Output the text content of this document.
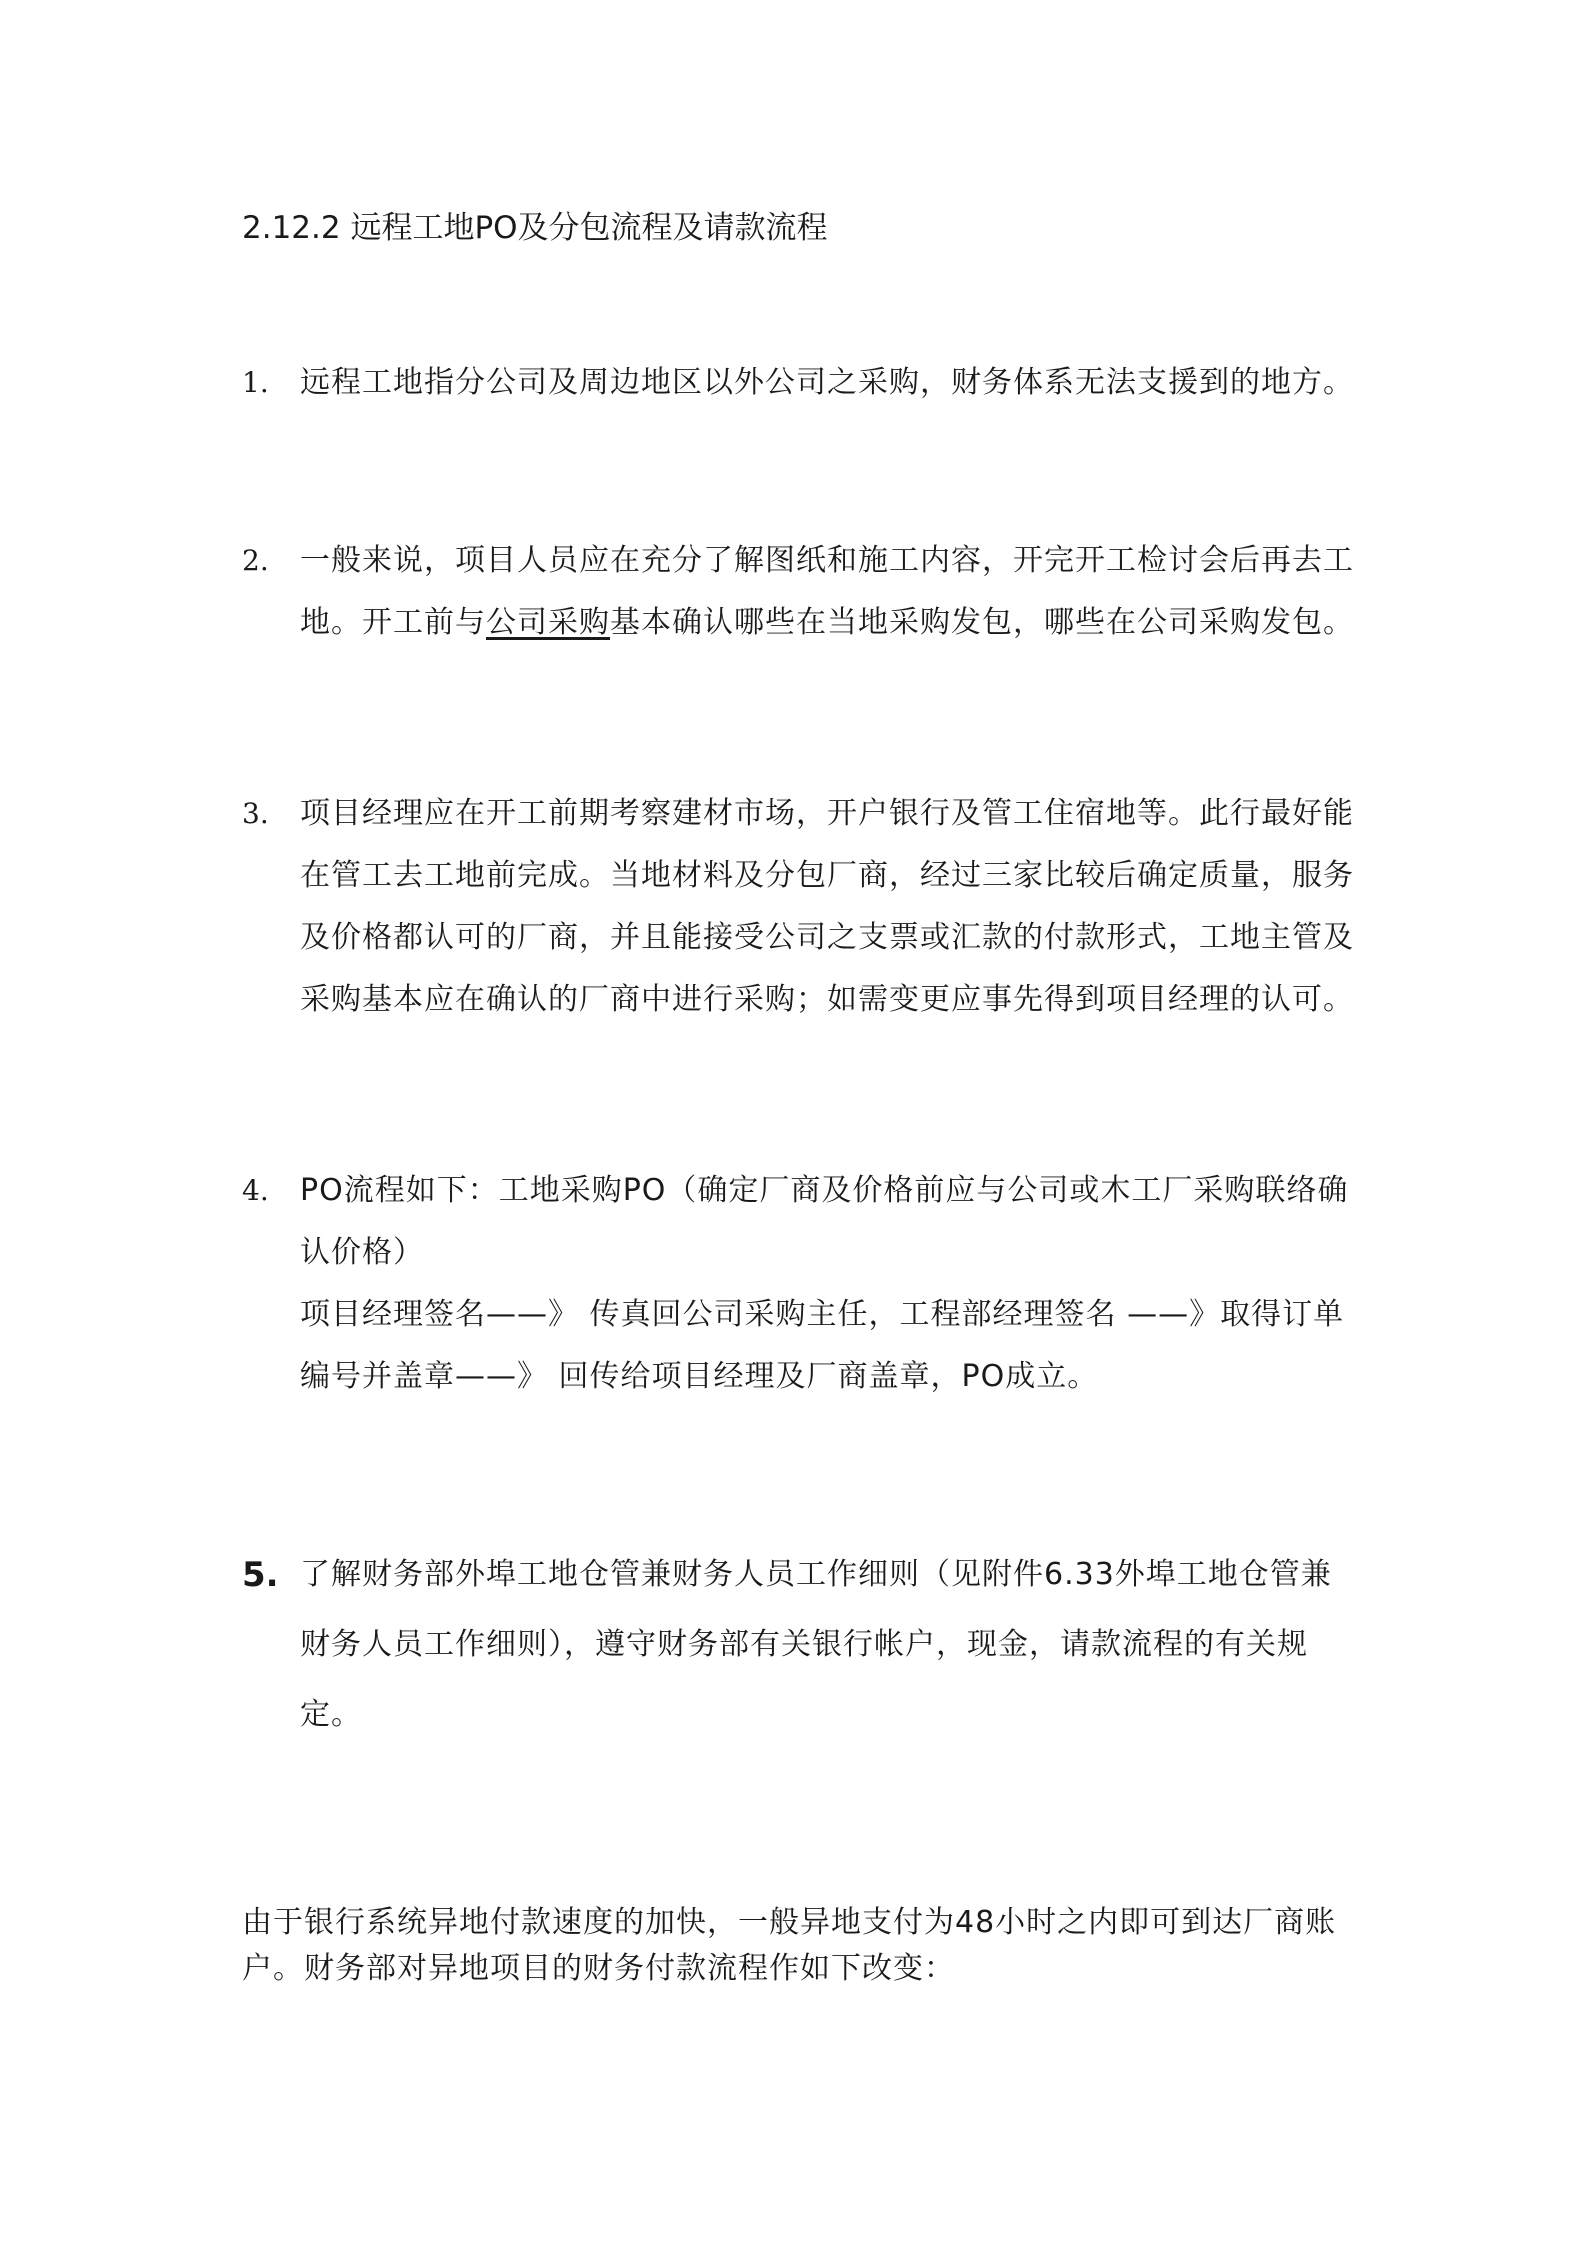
2.12.2 远程工地PO及分包流程及请款流程
1. 远程工地指分公司及周边地区以外公司之采购，财务体系无法支援到的地方。
2. 一般来说，项目人员应在充分了解图纸和施工内容，开完开工检讨会后再去工地。开工前与公司采购基本确认哪些在当地采购发包，哪些在公司采购发包。
3. 项目经理应在开工前期考察建材市场，开户银行及管工住宿地等。此行最好能在管工去工地前完成。当地材料及分包厂商，经过三家比较后确定质量，服务及价格都认可的厂商，并且能接受公司之支票或汇款的付款形式，工地主管及采购基本应在确认的厂商中进行采购；如需变更应事先得到项目经理的认可。
4. PO流程如下：工地采购PO（确定厂商及价格前应与公司或木工厂采购联络确认价格）

项目经理签名——》 传真回公司采购主任，工程部经理签名 ——》取得订单编号并盖章——》 回传给项目经理及厂商盖章，PO成立。

5. 了解财务部外埠工地仓管兼财务人员工作细则（见附件6.33外埠工地仓管兼财务人员工作细则），遵守财务部有关银行帐户，现金，请款流程的有关规定。

由于银行系统异地付款速度的加快，一般异地支付为48小时之内即可到达厂商账户。财务部对异地项目的财务付款流程作如下改变：
